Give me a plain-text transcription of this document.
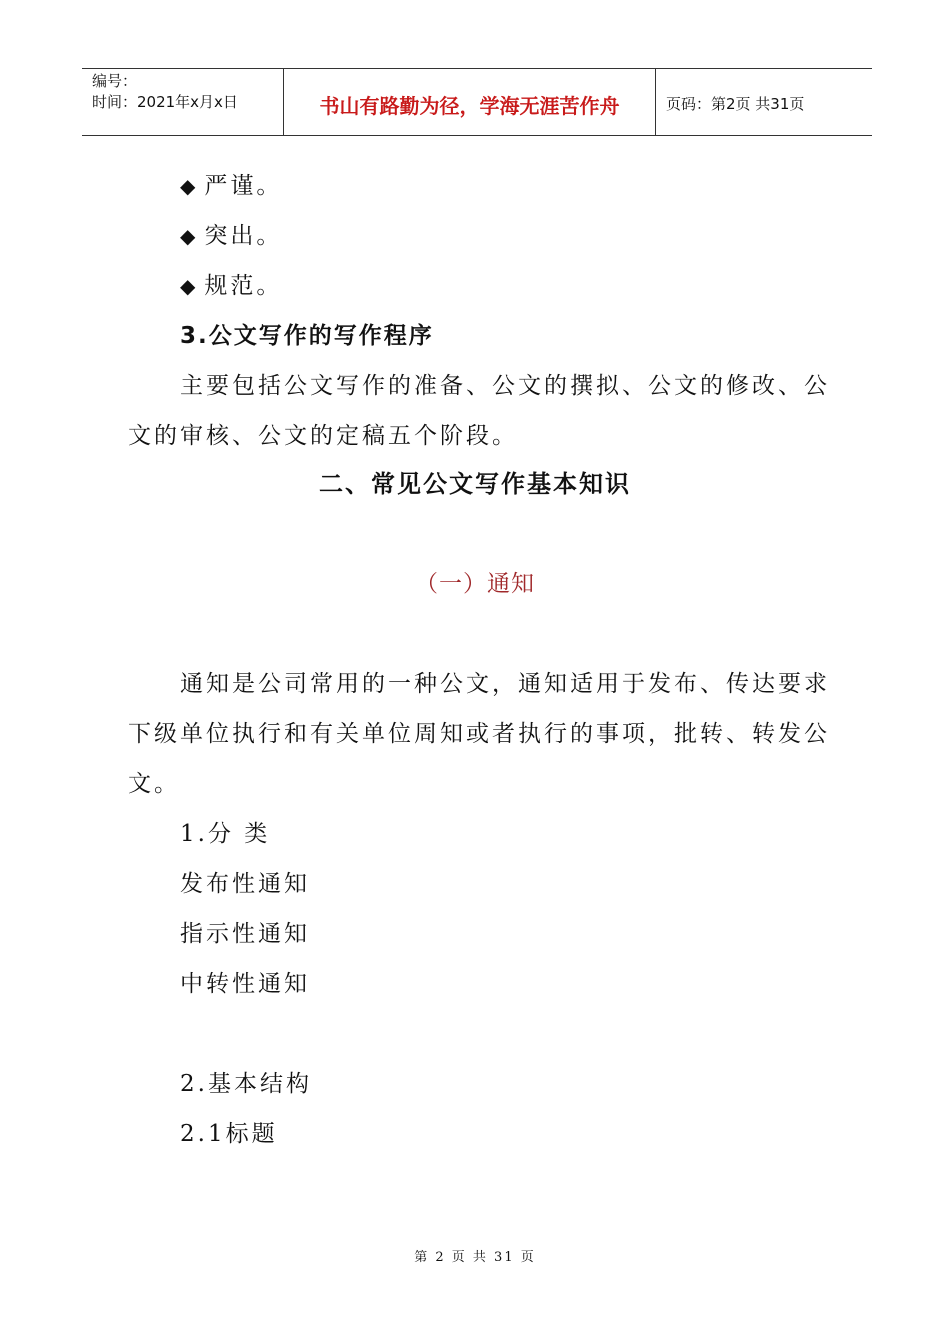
编号：
时间：2021年x月x日	书山有路勤为径，学海无涯苦作舟	页码：第2页 共31页
◆ 严谨。
◆ 突出。
◆ 规范。
3.公文写作的写作程序
主要包括公文写作的准备、公文的撰拟、公文的修改、公
文的审核、公文的定稿五个阶段。
二、常见公文写作基本知识
（一）通知
通知是公司常用的一种公文，通知适用于发布、传达要求
下级单位执行和有关单位周知或者执行的事项，批转、转发公
文。
1.分 类
发布性通知
指示性通知
中转性通知
2.基本结构
2.1标题
第 2 页 共 31 页
